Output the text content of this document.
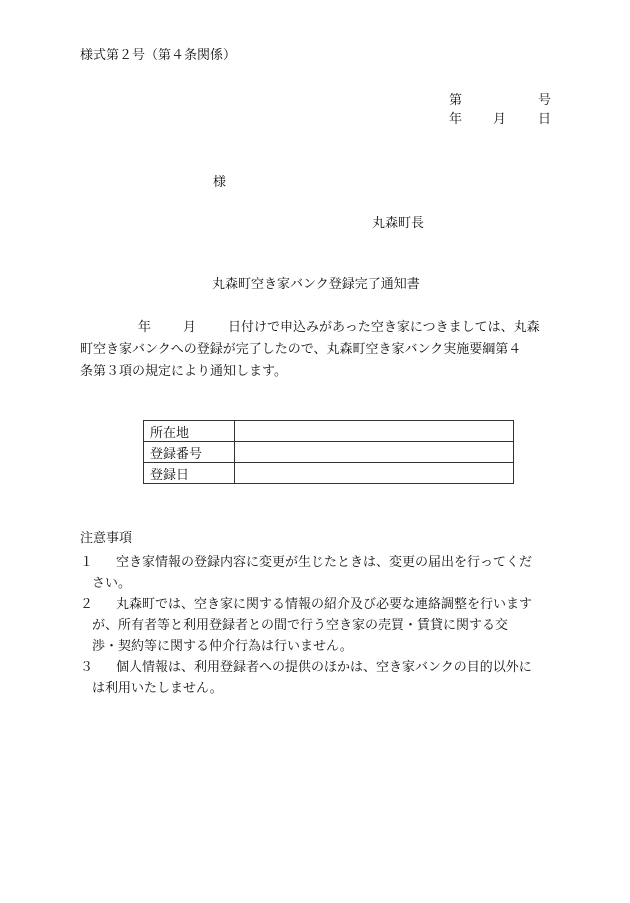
様式第２号（第４条関係）
第	号
年 月 日
様
丸森町長
丸森町空き家バンク登録完了通知書
年 月 日付けで申込みがあった空き家につきましては、丸森
町空き家バンクへの登録が完了したので、丸森町空き家バンク実施要綱第４
条第３項の規定により通知します。
所在地	
登録番号	
登録日	
注意事項
１ 空き家情報の登録内容に変更が生じたときは、変更の届出を行ってくだ
さい。
２ 丸森町では、空き家に関する情報の紹介及び必要な連絡調整を行います
が、所有者等と利用登録者との間で行う空き家の売買・賃貸に関する交
渉・契約等に関する仲介行為は行いません。
３ 個人情報は、利用登録者への提供のほかは、空き家バンクの目的以外に
は利用いたしません。
